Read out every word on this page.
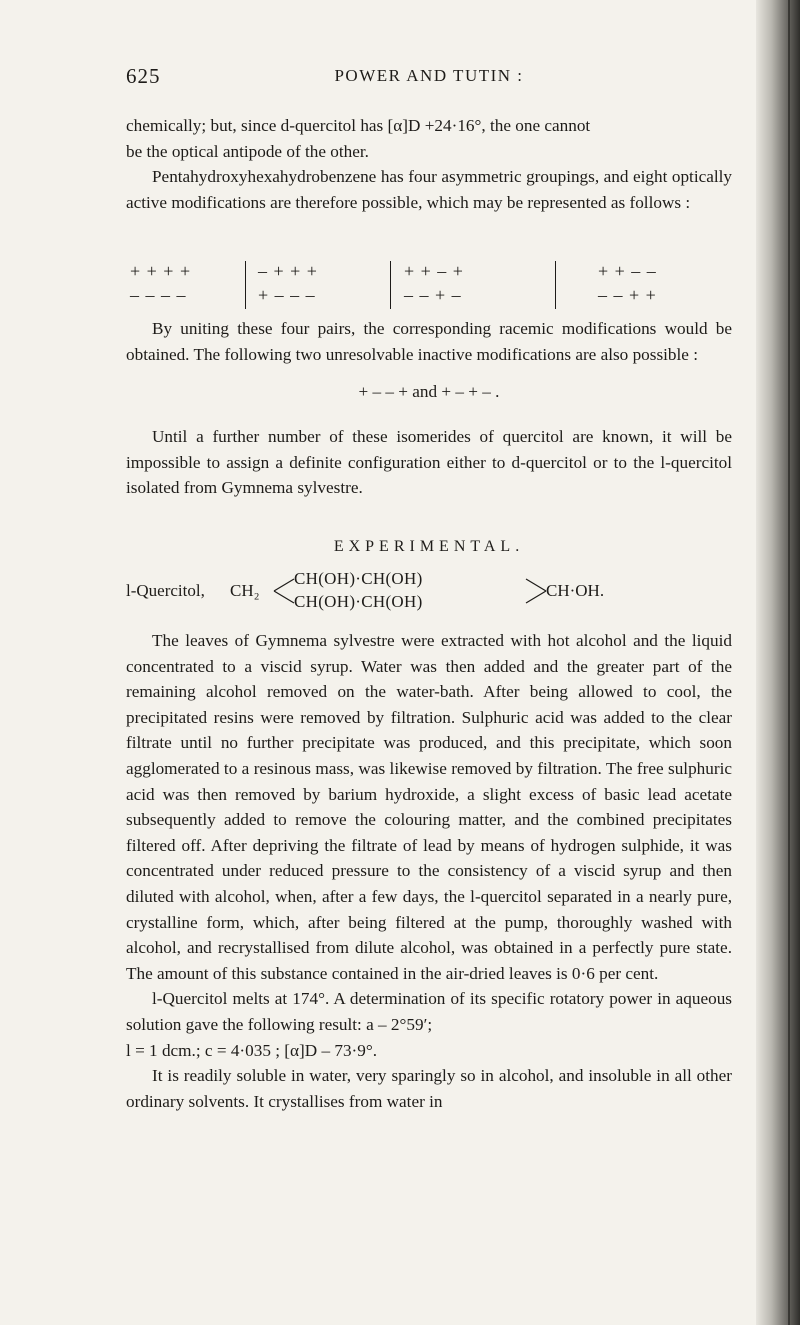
625	POWER AND TUTIN :

chemically; but, since d-quercitol has [α]D +24·16°, the one cannot

be the optical antipode of the other.

Pentahydroxyhexahydrobenzene has four asymmetric groupings, and eight optically active modifications are therefore possible, which may be represented as follows :

+ + + +
– – – –
– + + +
+ – – –
+ + – +
– – + –
+ + – –
– – + +

By uniting these four pairs, the corresponding racemic modifications would be obtained. The following two unresolvable inactive modifications are also possible :

+ – – + and + – + – .

Until a further number of these isomerides of quercitol are known, it will be impossible to assign a definite configuration either to d-quercitol or to the l-quercitol isolated from Gymnema sylvestre.

EXPERIMENTAL.
l-Quercitol, CH₂
CH(OH)·CH(OH)
CH(OH)·CH(OH)
CH·OH.

The leaves of Gymnema sylvestre were extracted with hot alcohol and the liquid concentrated to a viscid syrup. Water was then added and the greater part of the remaining alcohol removed on the water-bath. After being allowed to cool, the precipitated resins were removed by filtration. Sulphuric acid was added to the clear filtrate until no further precipitate was produced, and this precipitate, which soon agglomerated to a resinous mass, was likewise removed by filtration. The free sulphuric acid was then removed by barium hydroxide, a slight excess of basic lead acetate subsequently added to remove the colouring matter, and the combined precipitates filtered off. After depriving the filtrate of lead by means of hydrogen sulphide, it was concentrated under reduced pressure to the consistency of a viscid syrup and then diluted with alcohol, when, after a few days, the l-quercitol separated in a nearly pure, crystalline form, which, after being filtered at the pump, thoroughly washed with alcohol, and recrystallised from dilute alcohol, was obtained in a perfectly pure state. The amount of this substance contained in the air-dried leaves is 0·6 per cent.

l-Quercitol melts at 174°. A determination of its specific rotatory power in aqueous solution gave the following result: a – 2°59′;

l = 1 dcm.; c = 4·035 ; [α]D – 73·9°.

It is readily soluble in water, very sparingly so in alcohol, and insoluble in all other ordinary solvents. It crystallises from water in
